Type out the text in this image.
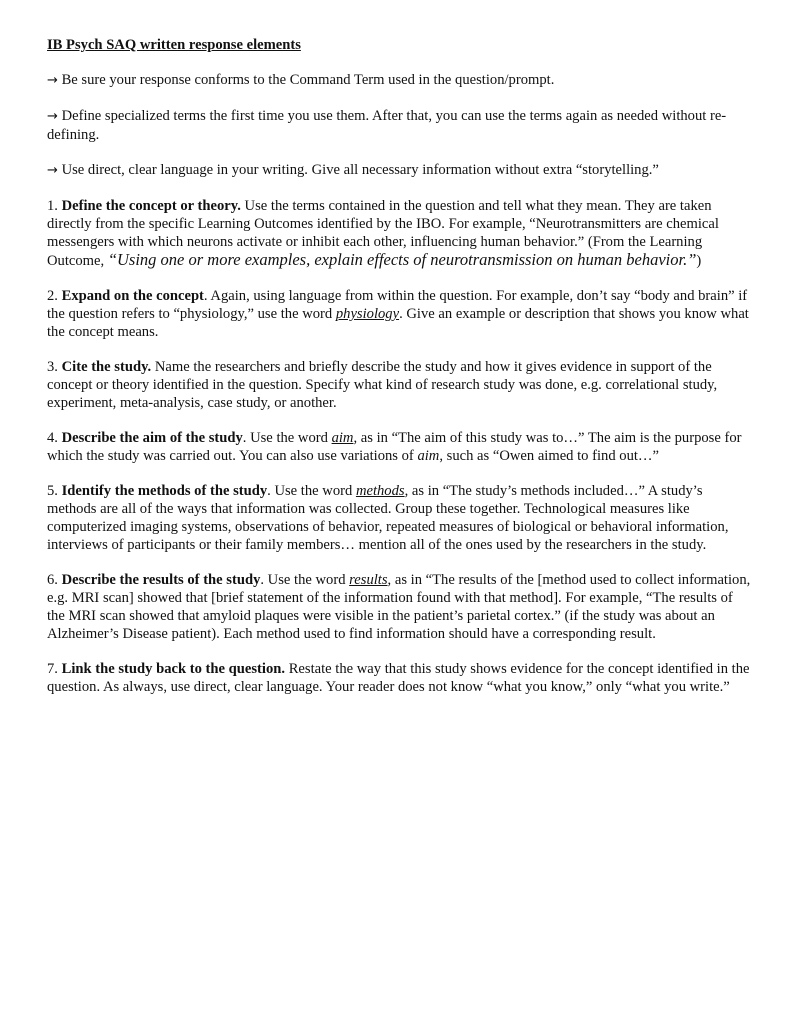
IB Psych SAQ written response elements

→ Be sure your response conforms to the Command Term used in the question/prompt.

→ Define specialized terms the first time you use them. After that, you can use the terms again as needed without re-defining.

→ Use direct, clear language in your writing. Give all necessary information without extra “storytelling.”

1. Define the concept or theory. Use the terms contained in the question and tell what they mean. They are taken directly from the specific Learning Outcomes identified by the IBO. For example, “Neurotransmitters are chemical messengers with which neurons activate or inhibit each other, influencing human behavior.” (From the Learning Outcome, “Using one or more examples, explain effects of neurotransmission on human behavior.”)

2. Expand on the concept. Again, using language from within the question. For example, don’t say “body and brain” if the question refers to “physiology,” use the word physiology. Give an example or description that shows you know what the concept means.

3. Cite the study. Name the researchers and briefly describe the study and how it gives evidence in support of the concept or theory identified in the question. Specify what kind of research study was done, e.g. correlational study, experiment, meta-analysis, case study, or another.

4. Describe the aim of the study. Use the word aim, as in “The aim of this study was to…” The aim is the purpose for which the study was carried out. You can also use variations of aim, such as “Owen aimed to find out…”

5. Identify the methods of the study. Use the word methods, as in “The study’s methods included…” A study’s methods are all of the ways that information was collected. Group these together. Technological measures like computerized imaging systems, observations of behavior, repeated measures of biological or behavioral information, interviews of participants or their family members… mention all of the ones used by the researchers in the study.

6. Describe the results of the study. Use the word results, as in “The results of the [method used to collect information, e.g. MRI scan] showed that [brief statement of the information found with that method]. For example, “The results of the MRI scan showed that amyloid plaques were visible in the patient’s parietal cortex.” (if the study was about an Alzheimer’s Disease patient). Each method used to find information should have a corresponding result.

7. Link the study back to the question. Restate the way that this study shows evidence for the concept identified in the question. As always, use direct, clear language. Your reader does not know “what you know,” only “what you write.”
